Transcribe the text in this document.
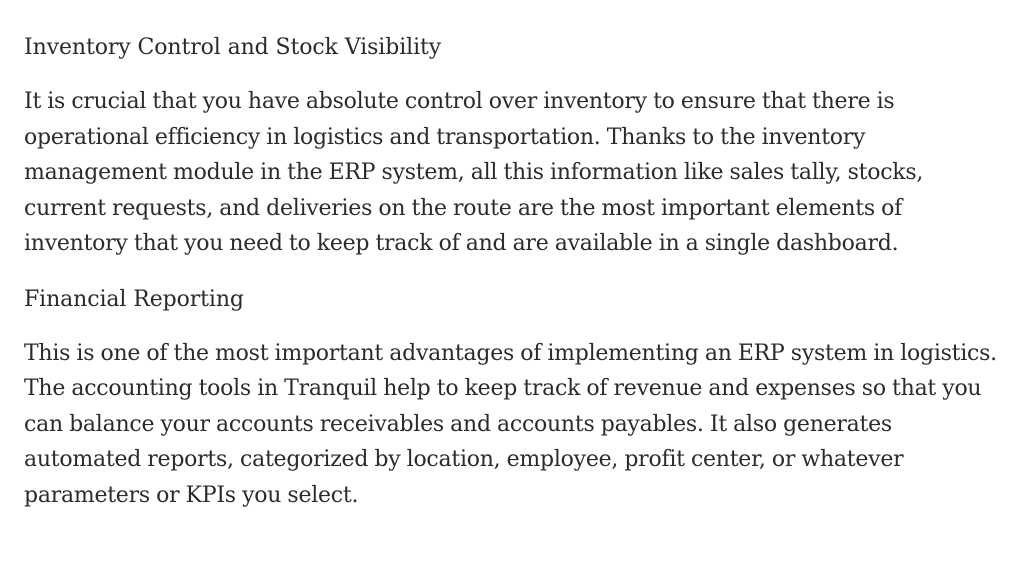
Inventory Control and Stock Visibility

It is crucial that you have absolute control over inventory to ensure that there is operational efficiency in logistics and transportation. Thanks to the inventory management module in the ERP system, all this information like sales tally, stocks, current requests, and deliveries on the route are the most important elements of inventory that you need to keep track of and are available in a single dashboard.

Financial Reporting

This is one of the most important advantages of implementing an ERP system in logistics. The accounting tools in Tranquil help to keep track of revenue and expenses so that you can balance your accounts receivables and accounts payables. It also generates automated reports, categorized by location, employee, profit center, or whatever parameters or KPIs you select.
